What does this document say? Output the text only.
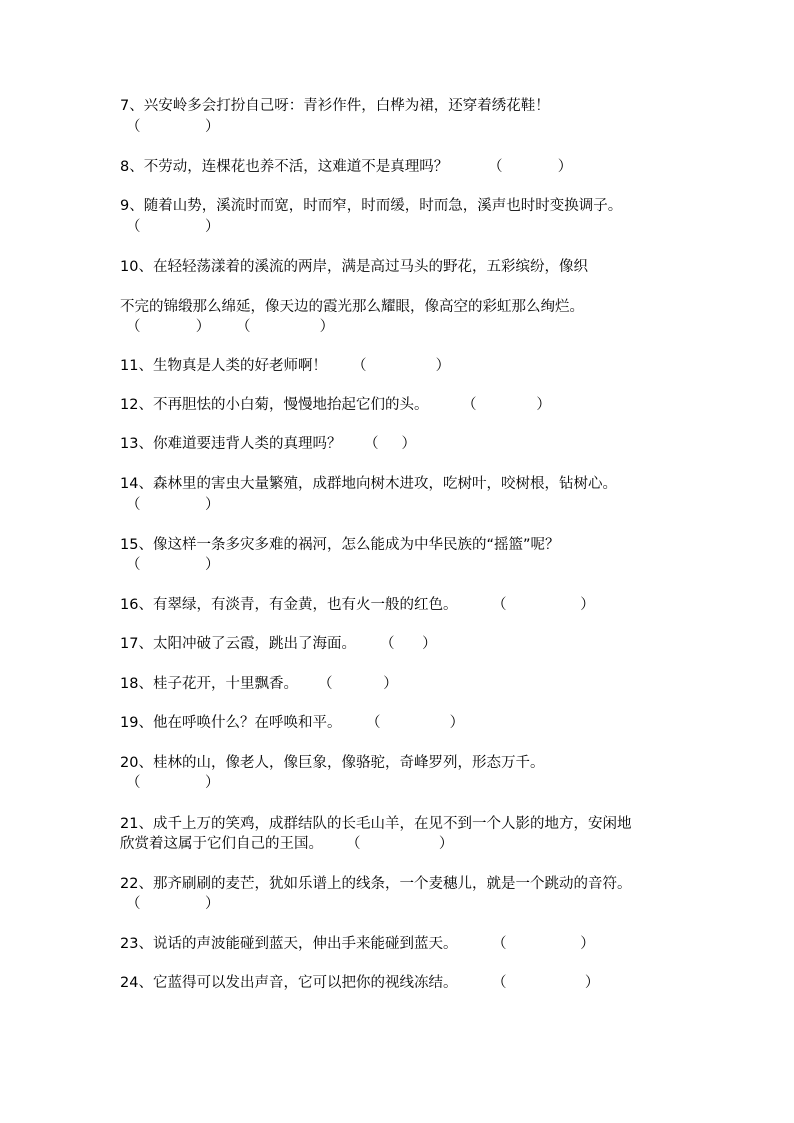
7、兴安岭多会打扮自己呀：青衫作件，白桦为裙，还穿着绣花鞋！
（              ）
8、不劳动，连棵花也养不活，这难道不是真理吗？	（            ）
9、随着山势，溪流时而宽，时而窄，时而缓，时而急，溪声也时时变换调子。
（              ）
10、在轻轻荡漾着的溪流的两岸，满是高过马头的野花，五彩缤纷，像织
不完的锦缎那么绵延，像天边的霞光那么耀眼，像高空的彩虹那么绚烂。
（            ） （               ）
11、生物真是人类的好老师啊！ （               ）
12、不再胆怯的小白菊，慢慢地抬起它们的头。 （             ）
13、你难道要违背人类的真理吗？ （     ）
14、森林里的害虫大量繁殖，成群地向树木进攻，吃树叶，咬树根，钻树心。
（              ）
15、像这样一条多灾多难的祸河，怎么能成为中华民族的“摇篮”呢？
（              ）
16、有翠绿，有淡青，有金黄，也有火一般的红色。 （                ）
17、太阳冲破了云霞，跳出了海面。 （      ）
18、桂子花开，十里飘香。 （           ）
19、他在呼唤什么？在呼唤和平。 （               ）
20、桂林的山，像老人，像巨象，像骆驼，奇峰罗列，形态万千。
（              ）
21、成千上万的笑鸡，成群结队的长毛山羊，在见不到一个人影的地方，安闲地
欣赏着这属于它们自己的王国。 （                 ）
22、那齐刷刷的麦芒，犹如乐谱上的线条，一个麦穗儿，就是一个跳动的音符。
（              ）
23、说话的声波能碰到蓝天，伸出手来能碰到蓝天。 （                ）
24、它蓝得可以发出声音，它可以把你的视线冻结。 （                 ）
